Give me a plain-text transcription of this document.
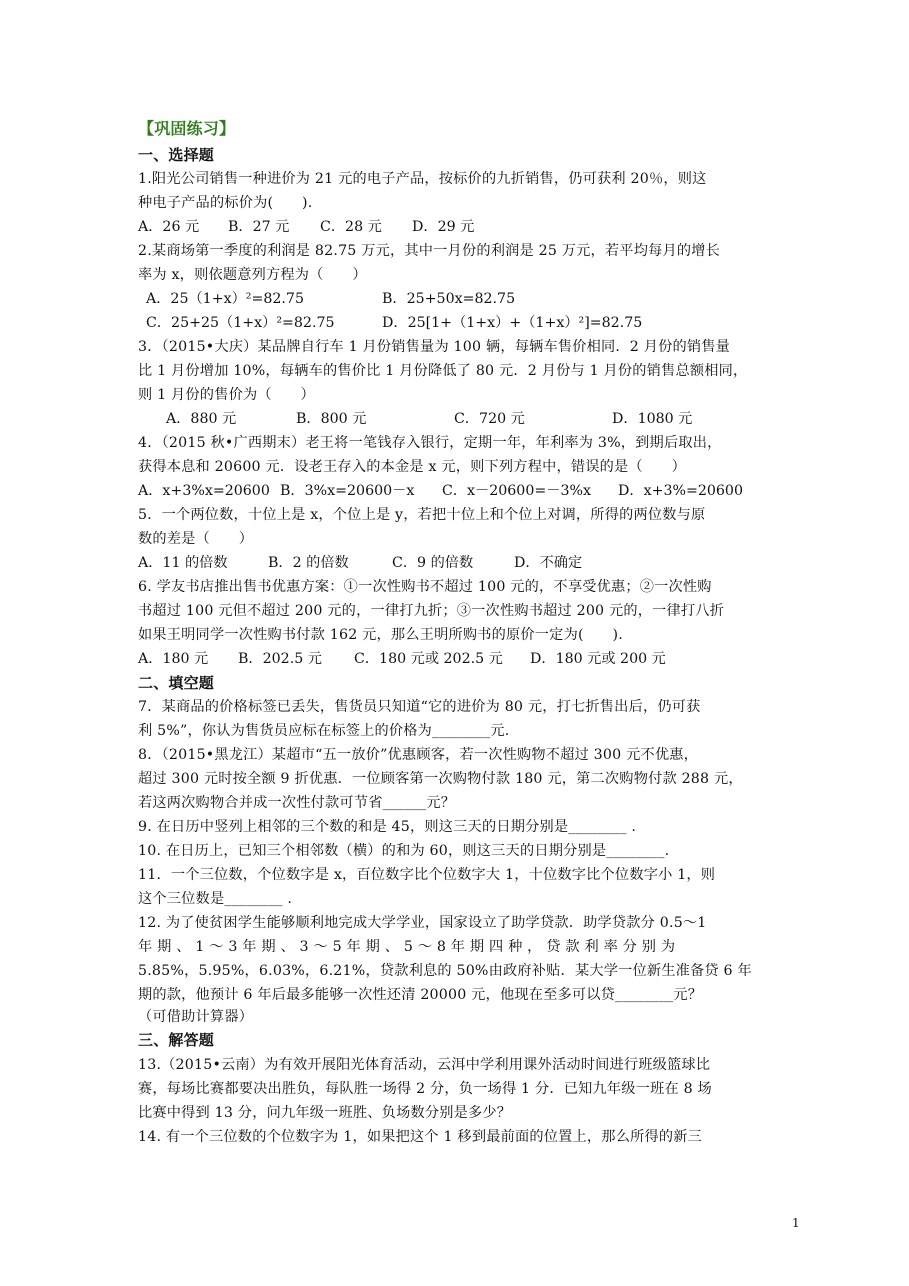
【巩固练习】
一、选择题
1.阳光公司销售一种进价为 21 元的电子产品，按标价的九折销售，仍可获利 20％，则这
种电子产品的标价为(　　).
A．26 元 B．27 元 C．28 元 D．29 元
2.某商场第一季度的利润是 82.75 万元，其中一月份的利润是 25 万元，若平均每月的增长
率为 x，则依题意列方程为（　　）
A．25（1+x）²=82.75	B．25+50x=82.75
C．25+25（1+x）²=82.75	D．25[1+（1+x）+（1+x）²]=82.75
3．（2015•大庆）某品牌自行车 1 月份销售量为 100 辆，每辆车售价相同．2 月份的销售量
比 1 月份增加 10%，每辆车的售价比 1 月份降低了 80 元．2 月份与 1 月份的销售总额相同，
则 1 月份的售价为（　　）
A．880 元	B．800 元	C．720 元	D．1080 元
4．（2015 秋•广西期末）老王将一笔钱存入银行，定期一年，年利率为 3%，到期后取出，
获得本息和 20600 元．设老王存入的本金是 x 元，则下列方程中，错误的是（　　）
A．x+3%x=20600 B．3%x=20600－x C．x－20600=－3%x D．x+3%=20600
5．一个两位数，十位上是 x，个位上是 y，若把十位上和个位上对调，所得的两位数与原
数的差是（　　）
A．11 的倍数	B．2 的倍数	C．9 的倍数	D．不确定
6. 学友书店推出售书优惠方案：①一次性购书不超过 100 元的，不享受优惠；②一次性购
书超过 100 元但不超过 200 元的，一律打九折；③一次性购书超过 200 元的，一律打八折
如果王明同学一次性购书付款 162 元，那么王明所购书的原价一定为(　　).
A．180 元 B．202.5 元 C．180 元或 202.5 元 D．180 元或 200 元
二、填空题
7．某商品的价格标签已丢失，售货员只知道“它的进价为 80 元，打七折售出后，仍可获
利 5%”，你认为售货员应标在标签上的价格为________元.
8．（2015•黑龙江）某超市“五一放价”优惠顾客，若一次性购物不超过 300 元不优惠，
超过 300 元时按全额 9 折优惠．一位顾客第一次购物付款 180 元，第二次购物付款 288 元，
若这两次购物合并成一次性付款可节省______元？
9. 在日历中竖列上相邻的三个数的和是 45，则这三天的日期分别是________ .
10. 在日历上，已知三个相邻数（横）的和为 60，则这三天的日期分别是________.
11．一个三位数，个位数字是 x，百位数字比个位数字大 1，十位数字比个位数字小 1，则
这个三位数是________ .
12. 为了使贫困学生能够顺利地完成大学学业，国家设立了助学贷款．助学贷款分 0.5～1
年 期 、 1 ～ 3 年 期 、 3 ～ 5 年 期 、 5 ～ 8 年 期 四 种 ， 贷 款 利 率 分 别 为
5.85%，5.95%，6.03%，6.21%，贷款利息的 50%由政府补贴．某大学一位新生准备贷 6 年
期的款，他预计 6 年后最多能够一次性还清 20000 元，他现在至多可以贷________元？
（可借助计算器）
三、解答题
13.（2015•云南）为有效开展阳光体育活动，云洱中学利用课外活动时间进行班级篮球比
赛，每场比赛都要决出胜负，每队胜一场得 2 分，负一场得 1 分．已知九年级一班在 8 场
比赛中得到 13 分，问九年级一班胜、负场数分别是多少？
14. 有一个三位数的个位数字为 1，如果把这个 1 移到最前面的位置上，那么所得的新三
1
